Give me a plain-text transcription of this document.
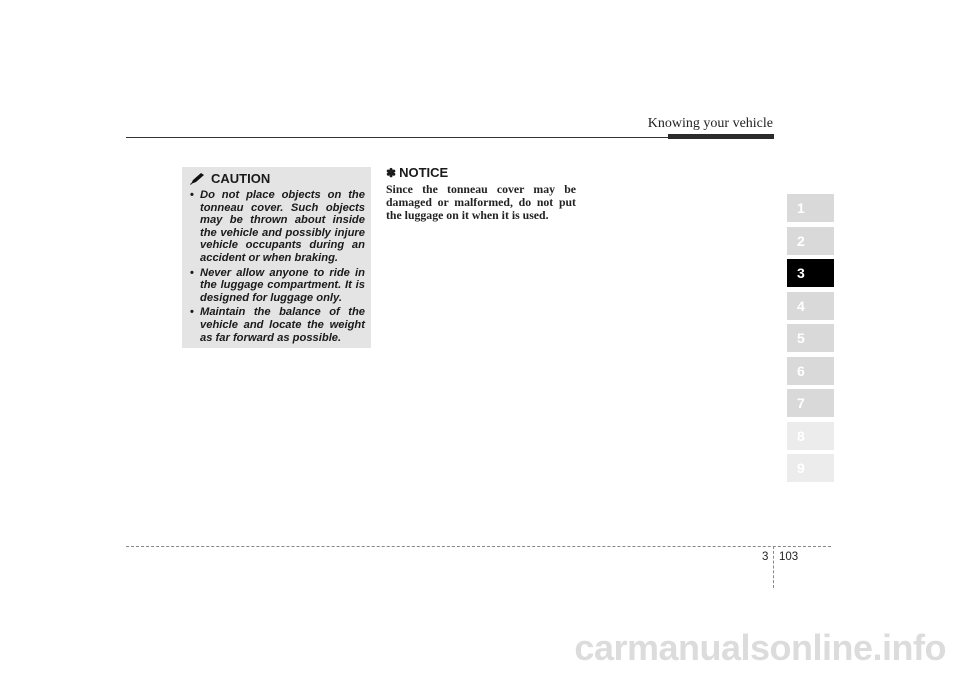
Knowing your vehicle
CAUTION
• Do not place objects on the tonneau cover. Such objects may be thrown about inside the vehicle and possibly injure vehicle occupants during an accident or when braking.
• Never allow anyone to ride in the luggage compartment. It is designed for luggage only.
• Maintain the balance of the vehicle and locate the weight as far forward as possible.
✽ NOTICE
Since the tonneau cover may be damaged or malformed, do not put the luggage on it when it is used.	1
2
3
4
5
6
7
8
9
3 103
carmanualsonline.info
